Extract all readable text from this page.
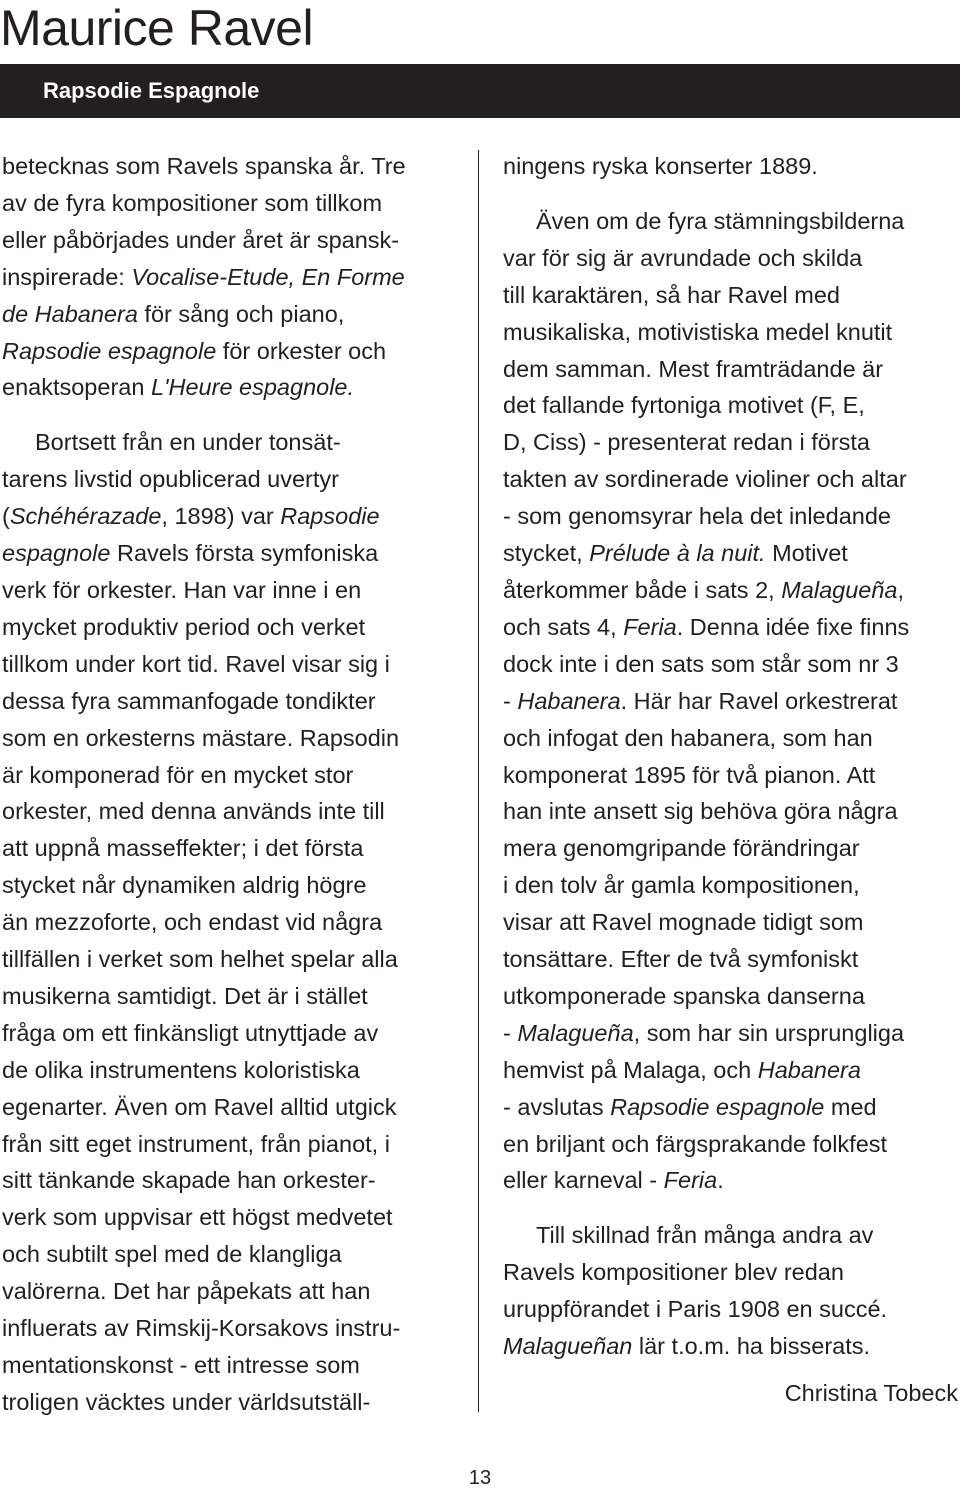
Maurice Ravel
Rapsodie Espagnole

betecknas som Ravels spanska år. Tre
av de fyra kompositioner som tillkom
eller påbörjades under året är spansk-
inspirerade: Vocalise-Etude, En Forme
de Habanera för sång och piano,
Rapsodie espagnole för orkester och
enaktsoperan L'Heure espagnole.

Bortsett från en under tonsät-
tarens livstid opublicerad uvertyr
(Schéhérazade, 1898) var Rapsodie
espagnole Ravels första symfoniska
verk för orkester. Han var inne i en
mycket produktiv period och verket
tillkom under kort tid. Ravel visar sig i
dessa fyra sammanfogade tondikter
som en orkesterns mästare. Rapsodin
är komponerad för en mycket stor
orkester, med denna används inte till
att uppnå masseffekter; i det första
stycket når dynamiken aldrig högre
än mezzoforte, och endast vid några
tillfällen i verket som helhet spelar alla
musikerna samtidigt. Det är i stället
fråga om ett finkänsligt utnyttjade av
de olika instrumentens koloristiska
egenarter. Även om Ravel alltid utgick
från sitt eget instrument, från pianot, i
sitt tänkande skapade han orkester-
verk som uppvisar ett högst medvetet
och subtilt spel med de klangliga
valörerna. Det har påpekats att han
influerats av Rimskij-Korsakovs instru-
mentationskonst - ett intresse som
troligen väcktes under världsutställ-

ningens ryska konserter 1889.

Även om de fyra stämningsbilderna
var för sig är avrundade och skilda
till karaktären, så har Ravel med
musikaliska, motivistiska medel knutit
dem samman. Mest framträdande är
det fallande fyrtoniga motivet (F, E,
D, Ciss) - presenterat redan i första
takten av sordinerade violiner och altar
- som genomsyrar hela det inledande
stycket, Prélude à la nuit. Motivet
återkommer både i sats 2, Malagueña,
och sats 4, Feria. Denna idée fixe finns
dock inte i den sats som står som nr 3
- Habanera. Här har Ravel orkestrerat
och infogat den habanera, som han
komponerat 1895 för två pianon. Att
han inte ansett sig behöva göra några
mera genomgripande förändringar
i den tolv år gamla kompositionen,
visar att Ravel mognade tidigt som
tonsättare. Efter de två symfoniskt
utkomponerade spanska danserna
- Malagueña, som har sin ursprungliga
hemvist på Malaga, och Habanera
- avslutas Rapsodie espagnole med
en briljant och färgsprakande folkfest
eller karneval - Feria.

Till skillnad från många andra av
Ravels kompositioner blev redan
uruppförandet i Paris 1908 en succé.
Malagueñan lär t.o.m. ha bisserats.

Christina Tobeck
13
